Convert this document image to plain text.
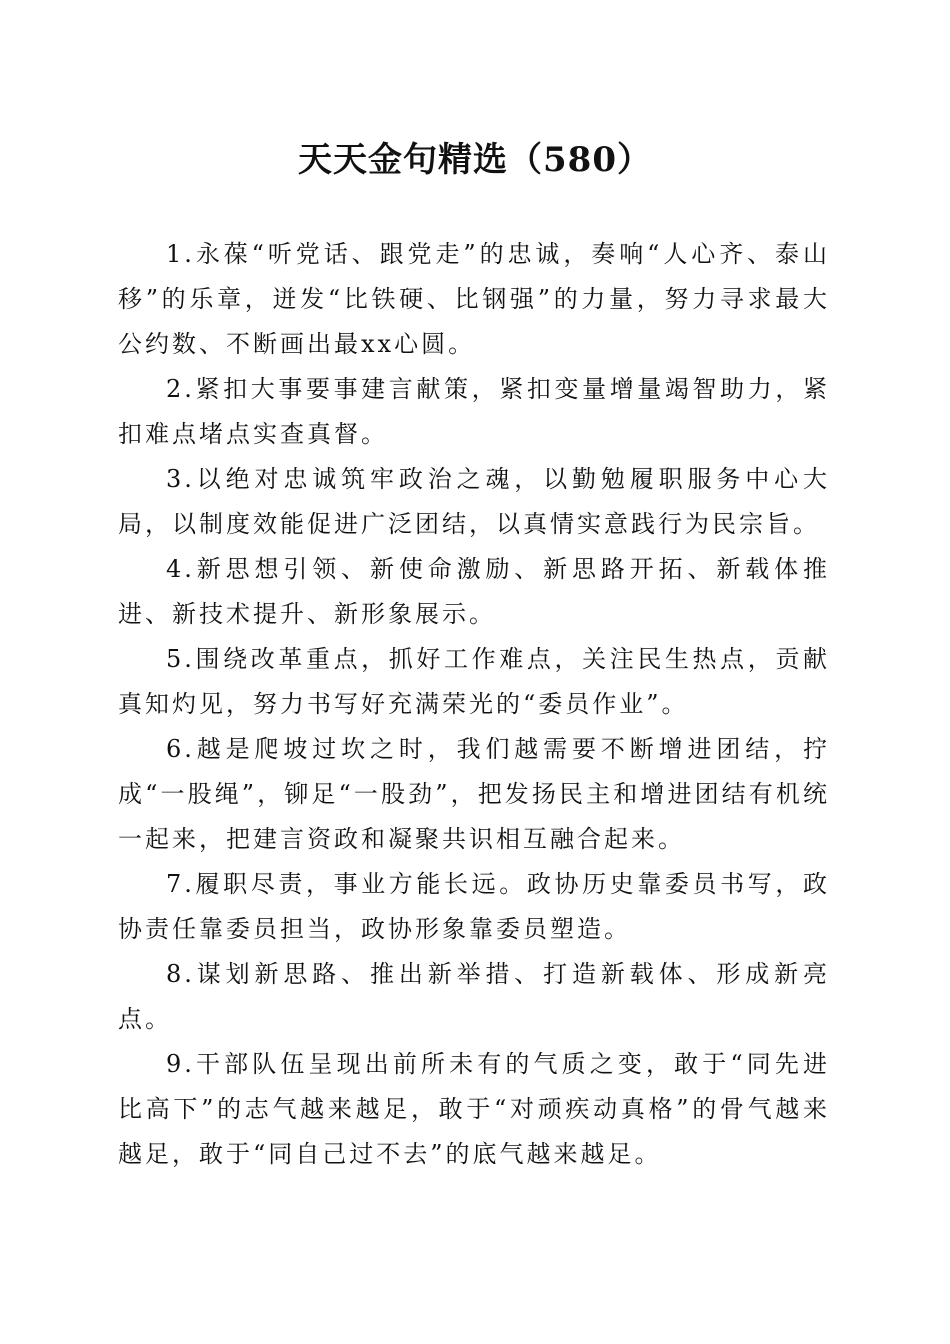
天天金句精选（580）

1.永葆“听党话、跟党走”的忠诚，奏响“人心齐、泰山移”的乐章，迸发“比铁硬、比钢强”的力量，努力寻求最大公约数、不断画出最xx心圆。

2.紧扣大事要事建言献策，紧扣变量增量竭智助力，紧扣难点堵点实查真督。

3.以绝对忠诚筑牢政治之魂，以勤勉履职服务中心大局，以制度效能促进广泛团结，以真情实意践行为民宗旨。

4.新思想引领、新使命激励、新思路开拓、新载体推进、新技术提升、新形象展示。

5.围绕改革重点，抓好工作难点，关注民生热点，贡献真知灼见，努力书写好充满荣光的“委员作业”。

6.越是爬坡过坎之时，我们越需要不断增进团结，拧成“一股绳”，铆足“一股劲”，把发扬民主和增进团结有机统一起来，把建言资政和凝聚共识相互融合起来。

7.履职尽责，事业方能长远。政协历史靠委员书写，政协责任靠委员担当，政协形象靠委员塑造。

8.谋划新思路、推出新举措、打造新载体、形成新亮点。

9.干部队伍呈现出前所未有的气质之变，敢于“同先进比高下”的志气越来越足，敢于“对顽疾动真格”的骨气越来越足，敢于“同自己过不去”的底气越来越足。
